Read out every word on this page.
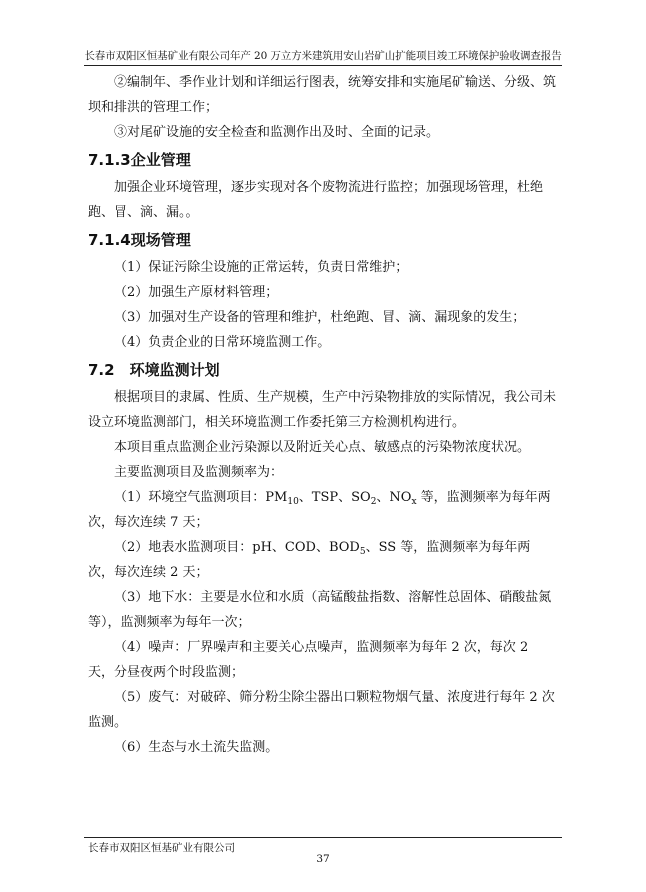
长春市双阳区恒基矿业有限公司年产 20 万立方米建筑用安山岩矿山扩能项目竣工环境保护验收调查报告

②编制年、季作业计划和详细运行图表，统筹安排和实施尾矿输送、分级、筑坝和排洪的管理工作；

③对尾矿设施的安全检查和监测作出及时、全面的记录。

7.1.3企业管理

加强企业环境管理，逐步实现对各个废物流进行监控；加强现场管理，杜绝跑、冒、滴、漏。。

7.1.4现场管理

（1）保证污除尘设施的正常运转，负责日常维护；

（2）加强生产原材料管理；

（3）加强对生产设备的管理和维护，杜绝跑、冒、滴、漏现象的发生；

（4）负责企业的日常环境监测工作。

7.2　环境监测计划

根据项目的隶属、性质、生产规模，生产中污染物排放的实际情况，我公司未设立环境监测部门，相关环境监测工作委托第三方检测机构进行。

本项目重点监测企业污染源以及附近关心点、敏感点的污染物浓度状况。

主要监测项目及监测频率为：

（1）环境空气监测项目：$PM_{10}$、TSP、$SO_2$、$NO_x$ 等，监测频率为每年两次，每次连续 7 天；

（2）地表水监测项目：pH、COD、$BOD_5$、SS 等，监测频率为每年两次，每次连续 2 天；

（3）地下水：主要是水位和水质（高锰酸盐指数、溶解性总固体、硝酸盐氮等），监测频率为每年一次；

（4）噪声：厂界噪声和主要关心点噪声，监测频率为每年 2 次，每次 2 天，分昼夜两个时段监测；

（5）废气：对破碎、筛分粉尘除尘器出口颗粒物烟气量、浓度进行每年 2 次监测。

（6）生态与水土流失监测。

长春市双阳区恒基矿业有限公司
37
